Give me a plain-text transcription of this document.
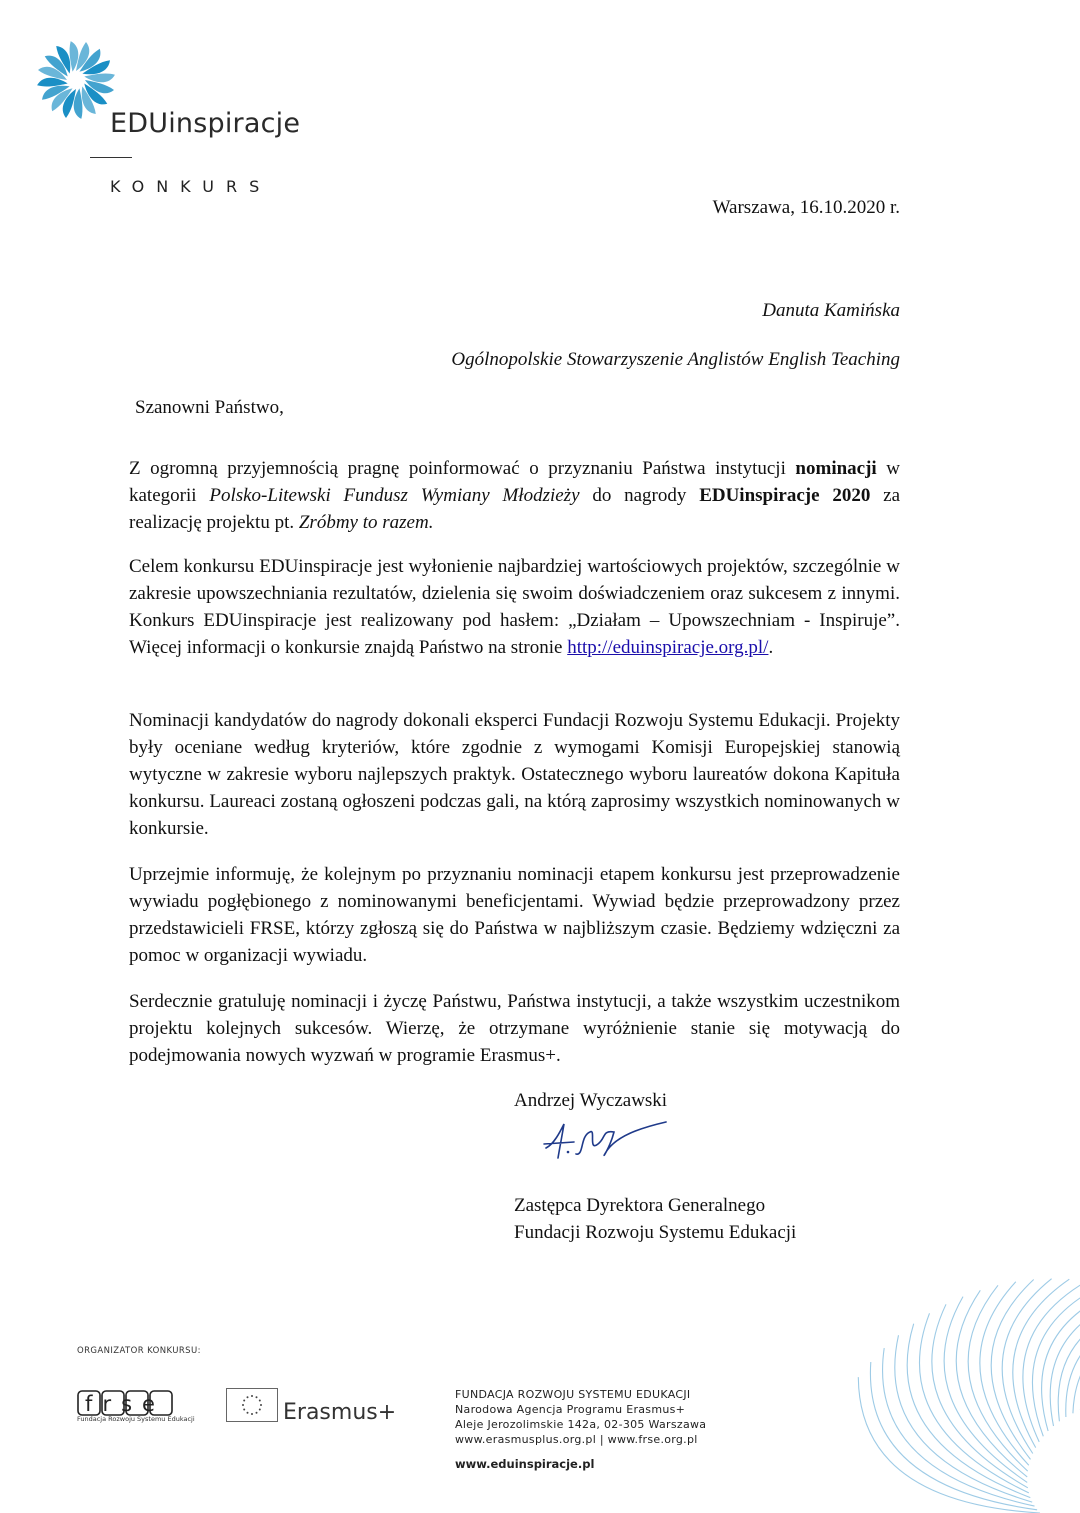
EDUinspiracje
KONKURS
Warszawa, 16.10.2020 r.
Danuta Kamińska
Ogólnopolskie Stowarzyszenie Anglistów English Teaching
Szanowni Państwo,

Z ogromną przyjemnością pragnę poinformować o przyznaniu Państwa instytucji nominacji w kategorii Polsko-Litewski Fundusz Wymiany Młodzieży do nagrody EDUinspiracje 2020 za realizację projektu pt. Zróbmy to razem.

Celem konkursu EDUinspiracje jest wyłonienie najbardziej wartościowych projektów, szczególnie w zakresie upowszechniania rezultatów, dzielenia się swoim doświadczeniem oraz sukcesem z innymi. Konkurs EDUinspiracje jest realizowany pod hasłem: „Działam – Upowszechniam - Inspiruje”. Więcej informacji o konkursie znajdą Państwo na stronie http://eduinspiracje.org.pl/.

Nominacji kandydatów do nagrody dokonali eksperci Fundacji Rozwoju Systemu Edukacji. Projekty były oceniane według kryteriów, które zgodnie z wymogami Komisji Europejskiej stanowią wytyczne w zakresie wyboru najlepszych praktyk. Ostatecznego wyboru laureatów dokona Kapituła konkursu. Laureaci zostaną ogłoszeni podczas gali, na którą zaprosimy wszystkich nominowanych w konkursie.

Uprzejmie informuję, że kolejnym po przyznaniu nominacji etapem konkursu jest przeprowadzenie wywiadu pogłębionego z nominowanymi beneficjentami. Wywiad będzie przeprowadzony przez przedstawicieli FRSE, którzy zgłoszą się do Państwa w najbliższym czasie. Będziemy wdzięczni za pomoc w organizacji wywiadu.

Serdecznie gratuluję nominacji i życzę Państwu, Państwa instytucji, a także wszystkim uczestnikom projektu kolejnych sukcesów. Wierzę, że otrzymane wyróżnienie stanie się motywacją do podejmowania nowych wyzwań w programie Erasmus+.

Andrzej Wyczawski
Zastępca Dyrektora Generalnego
Fundacji Rozwoju Systemu Edukacji
ORGANIZATOR KONKURSU:
frse
Fundacja Rozwoju Systemu Edukacji	Erasmus+
FUNDACJA ROZWOJU SYSTEMU EDUKACJI
Narodowa Agencja Programu Erasmus+
Aleje Jerozolimskie 142a, 02-305 Warszawa
www.erasmusplus.org.pl | www.frse.org.pl
www.eduinspiracje.pl
